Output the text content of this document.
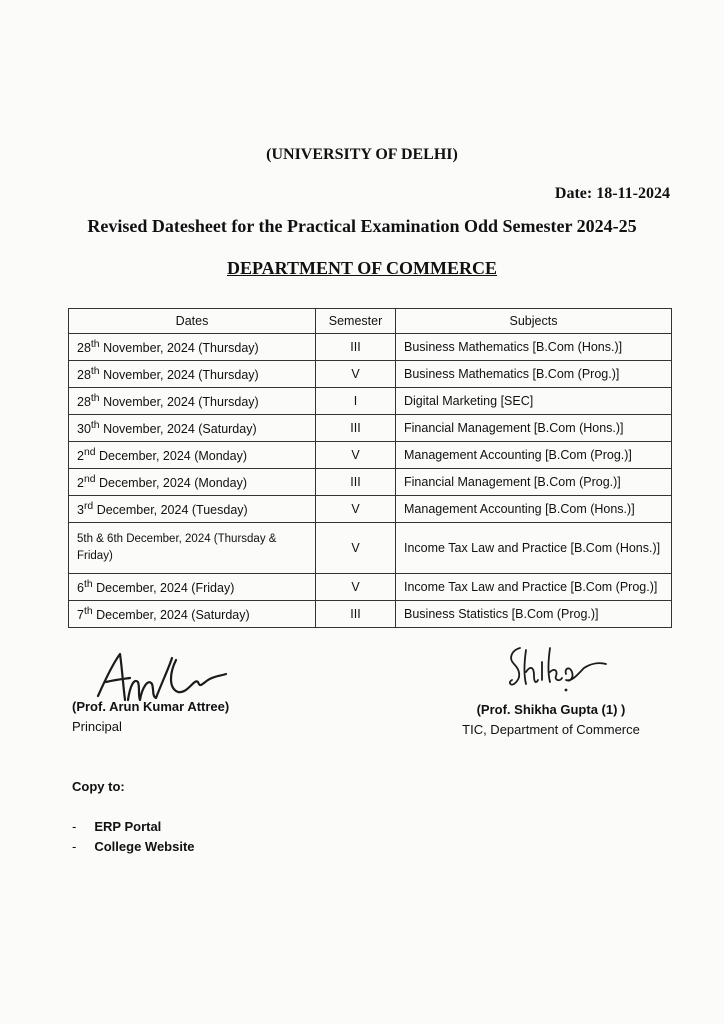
(UNIVERSITY OF DELHI)
Date: 18-11-2024
Revised Datesheet for the Practical Examination Odd Semester 2024-25
DEPARTMENT OF COMMERCE
Dates	Semester	Subjects
28th November, 2024 (Thursday)	III	Business Mathematics [B.Com (Hons.)]
28th November, 2024 (Thursday)	V	Business Mathematics [B.Com (Prog.)]
28th November, 2024 (Thursday)	I	Digital Marketing [SEC]
30th November, 2024 (Saturday)	III	Financial Management [B.Com (Hons.)]
2nd December, 2024 (Monday)	V	Management Accounting [B.Com (Prog.)]
2nd December, 2024 (Monday)	III	Financial Management [B.Com (Prog.)]
3rd December, 2024 (Tuesday)	V	Management Accounting [B.Com (Hons.)]
5th & 6th December, 2024 (Thursday & Friday)	V	Income Tax Law and Practice [B.Com (Hons.)]
6th December, 2024 (Friday)	V	Income Tax Law and Practice [B.Com (Prog.)]
7th December, 2024 (Saturday)	III	Business Statistics [B.Com (Prog.)]
(Prof. Arun Kumar Attree)
Principal
(Prof. Shikha Gupta (1) )
TIC, Department of Commerce
Copy to:
- ERP Portal
- College Website
